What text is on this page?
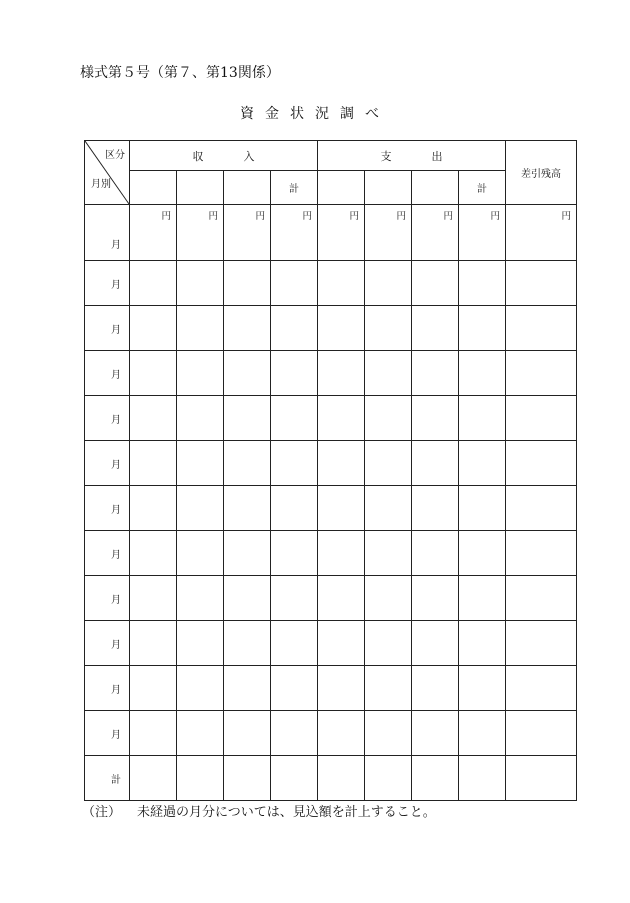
様式第５号（第７、第13関係）
資金状況調べ
区分
月別	収入				支出				差引残高
				計				計	
月	円	円	円	円	円	円	円	円	円
月									
月									
月									
月									
月									
月									
月									
月									
月									
月									
月									
計									
（注） 未経過の月分については、見込額を計上すること。
